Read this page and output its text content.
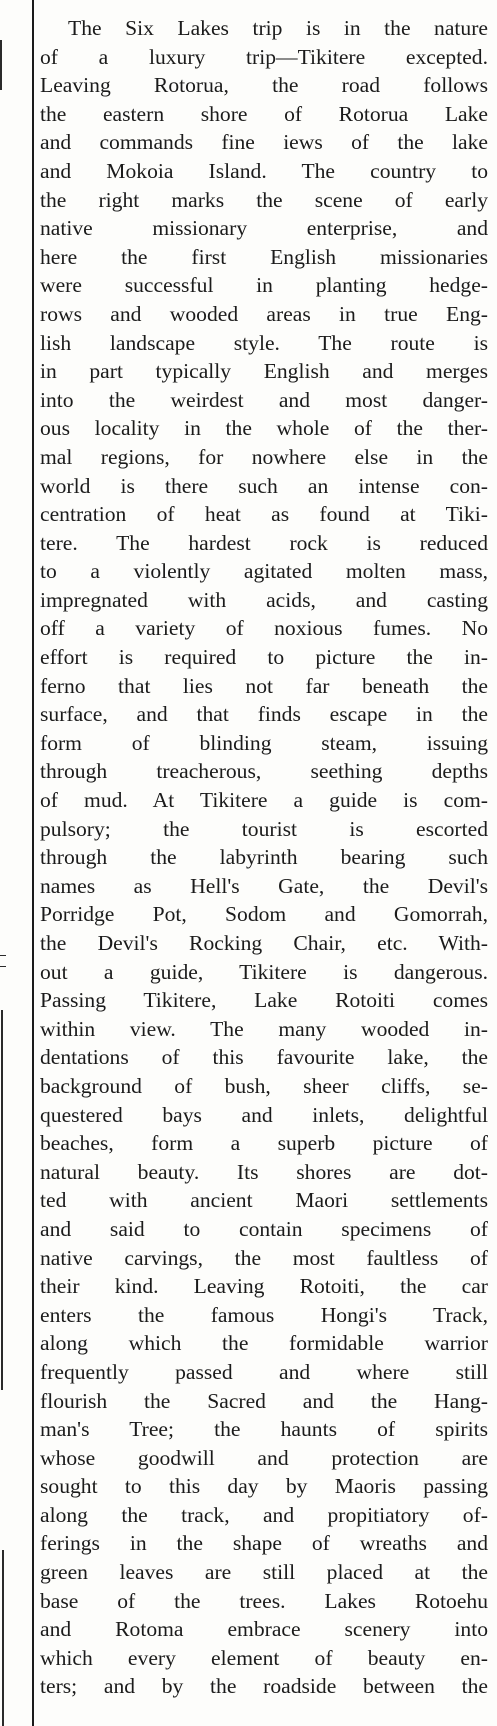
The Six Lakes trip is in the nature
of a luxury trip—Tikitere excepted.
Leaving Rotorua, the road follows
the eastern shore of Rotorua Lake
and commands fine iews of the lake
and Mokoia Island. The country to
the right marks the scene of early
native missionary enterprise, and
here the first English missionaries
were successful in planting hedge-
rows and wooded areas in true Eng-
lish landscape style. The route is
in part typically English and merges
into the weirdest and most danger-
ous locality in the whole of the ther-
mal regions, for nowhere else in the
world is there such an intense con-
centration of heat as found at Tiki-
tere. The hardest rock is reduced
to a violently agitated molten mass,
impregnated with acids, and casting
off a variety of noxious fumes. No
effort is required to picture the in-
ferno that lies not far beneath the
surface, and that finds escape in the
form of blinding steam, issuing
through treacherous, seething depths
of mud. At Tikitere a guide is com-
pulsory; the tourist is escorted
through the labyrinth bearing such
names as Hell's Gate, the Devil's
Porridge Pot, Sodom and Gomorrah,
the Devil's Rocking Chair, etc. With-
out a guide, Tikitere is dangerous.
Passing Tikitere, Lake Rotoiti comes
within view. The many wooded in-
dentations of this favourite lake, the
background of bush, sheer cliffs, se-
questered bays and inlets, delightful
beaches, form a superb picture of
natural beauty. Its shores are dot-
ted with ancient Maori settlements
and said to contain specimens of
native carvings, the most faultless of
their kind. Leaving Rotoiti, the car
enters the famous Hongi's Track,
along which the formidable warrior
frequently passed and where still
flourish the Sacred and the Hang-
man's Tree; the haunts of spirits
whose goodwill and protection are
sought to this day by Maoris passing
along the track, and propitiatory of-
ferings in the shape of wreaths and
green leaves are still placed at the
base of the trees. Lakes Rotoehu
and Rotoma embrace scenery into
which every element of beauty en-
ters; and by the roadside between the
